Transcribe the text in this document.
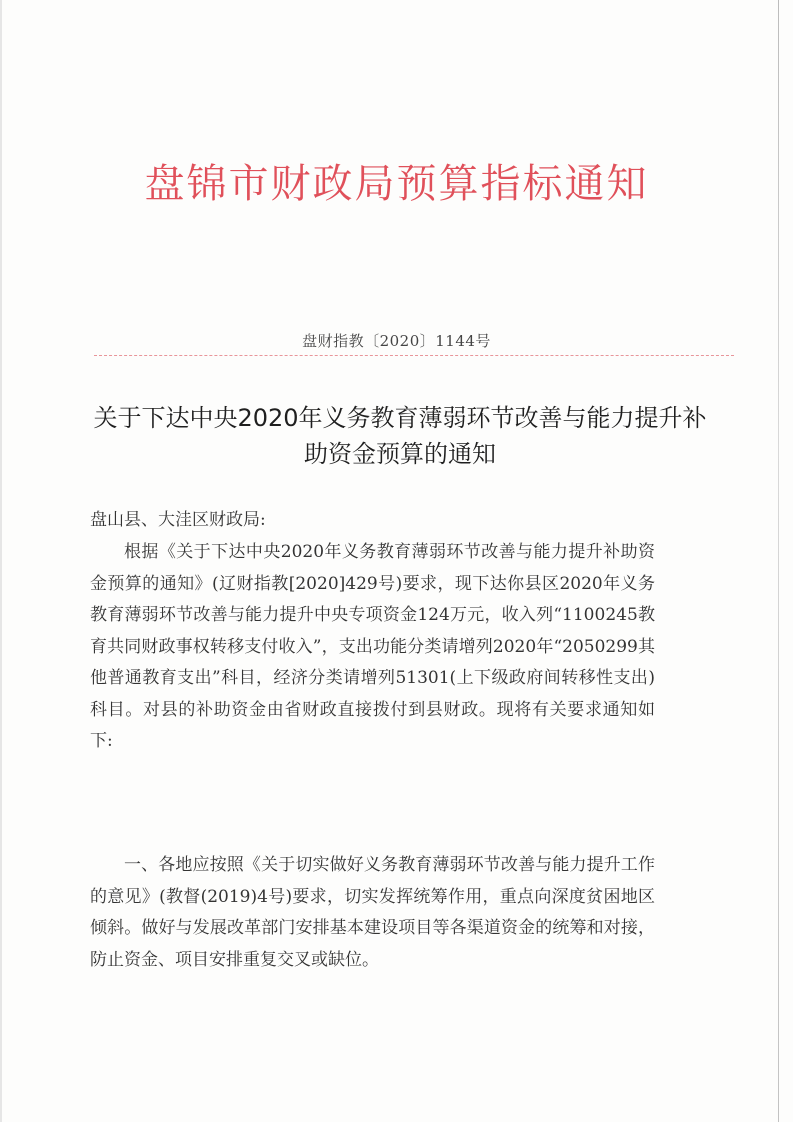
盘锦市财政局预算指标通知
盘财指教〔2020〕1144号
关于下达中央2020年义务教育薄弱环节改善与能力提升补助资金预算的通知
盘山县、大洼区财政局:
根据《关于下达中央2020年义务教育薄弱环节改善与能力提升补助资金预算的通知》(辽财指教[2020]429号)要求，现下达你县区2020年义务教育薄弱环节改善与能力提升中央专项资金124万元，收入列“1100245教育共同财政事权转移支付收入”，支出功能分类请增列2020年“2050299其他普通教育支出”科目，经济分类请增列51301(上下级政府间转移性支出)科目。对县的补助资金由省财政直接拨付到县财政。现将有关要求通知如下:
一、各地应按照《关于切实做好义务教育薄弱环节改善与能力提升工作的意见》(教督(2019)4号)要求，切实发挥统筹作用，重点向深度贫困地区倾斜。做好与发展改革部门安排基本建设项目等各渠道资金的统筹和对接，防止资金、项目安排重复交叉或缺位。
